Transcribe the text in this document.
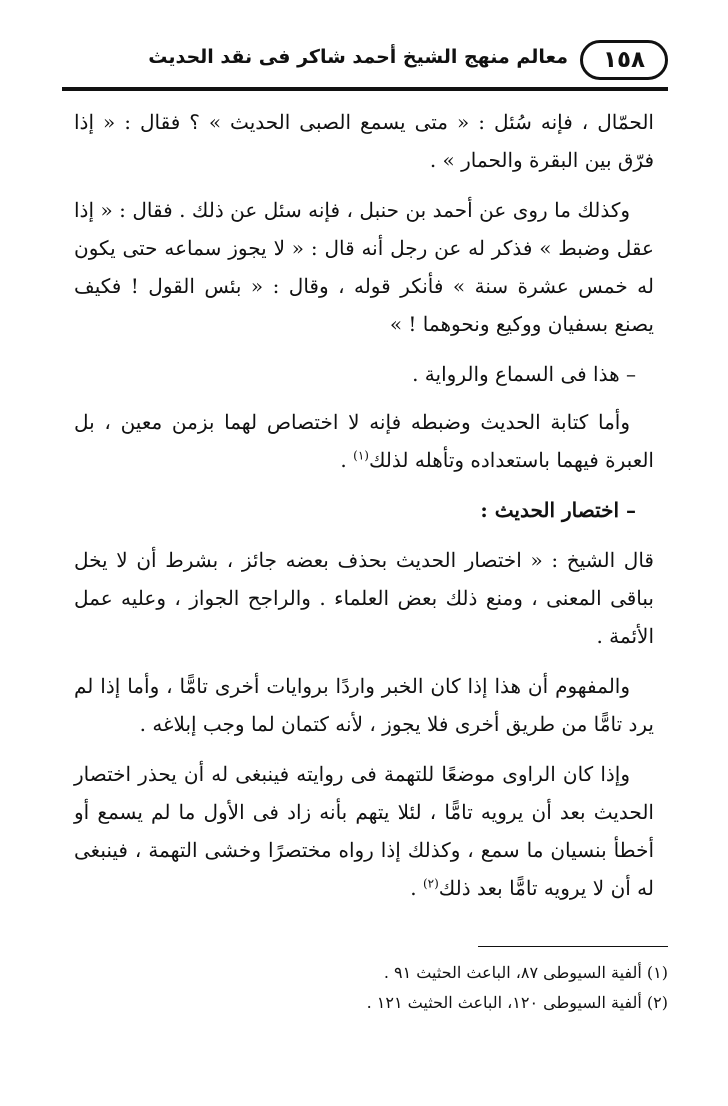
١٥٨
معالم منهج الشيخ أحمد شاكر فى نقد الحديث

الحمّال ، فإنه سُئل : « متى يسمع الصبى الحديث » ؟ فقال : « إذا فرّق بين البقرة والحمار » .

وكذلك ما روى عن أحمد بن حنبل ، فإنه سئل عن ذلك . فقال : « إذا عقل وضبط » فذكر له عن رجل أنه قال : « لا يجوز سماعه حتى يكون له خمس عشرة سنة » فأنكر قوله ، وقال : « بئس القول ! فكيف يصنع بسفيان ووكيع ونحوهما ! »

– هذا فى السماع والرواية .

وأما كتابة الحديث وضبطه فإنه لا اختصاص لهما بزمن معين ، بل العبرة فيهما باستعداده وتأهله لذلك$^{(١)}$ .

– اختصار الحديث :

قال الشيخ : « اختصار الحديث بحذف بعضه جائز ، بشرط أن لا يخل بباقى المعنى ، ومنع ذلك بعض العلماء . والراجح الجواز ، وعليه عمل الأئمة .

والمفهوم أن هذا إذا كان الخبر واردًا بروايات أخرى تامًّا ، وأما إذا لم يرد تامًّا من طريق أخرى فلا يجوز ، لأنه كتمان لما وجب إبلاغه .

وإذا كان الراوى موضعًا للتهمة فى روايته فينبغى له أن يحذر اختصار الحديث بعد أن يرويه تامًّا ، لئلا يتهم بأنه زاد فى الأول ما لم يسمع أو أخطأ بنسيان ما سمع ، وكذلك إذا رواه مختصرًا وخشى التهمة ، فينبغى له أن لا يرويه تامًّا بعد ذلك$^{(٢)}$ .

(١) ألفية السيوطى ٨٧، الباعث الحثيث ٩١ .

(٢) ألفية السيوطى ١٢٠، الباعث الحثيث ١٢١ .
